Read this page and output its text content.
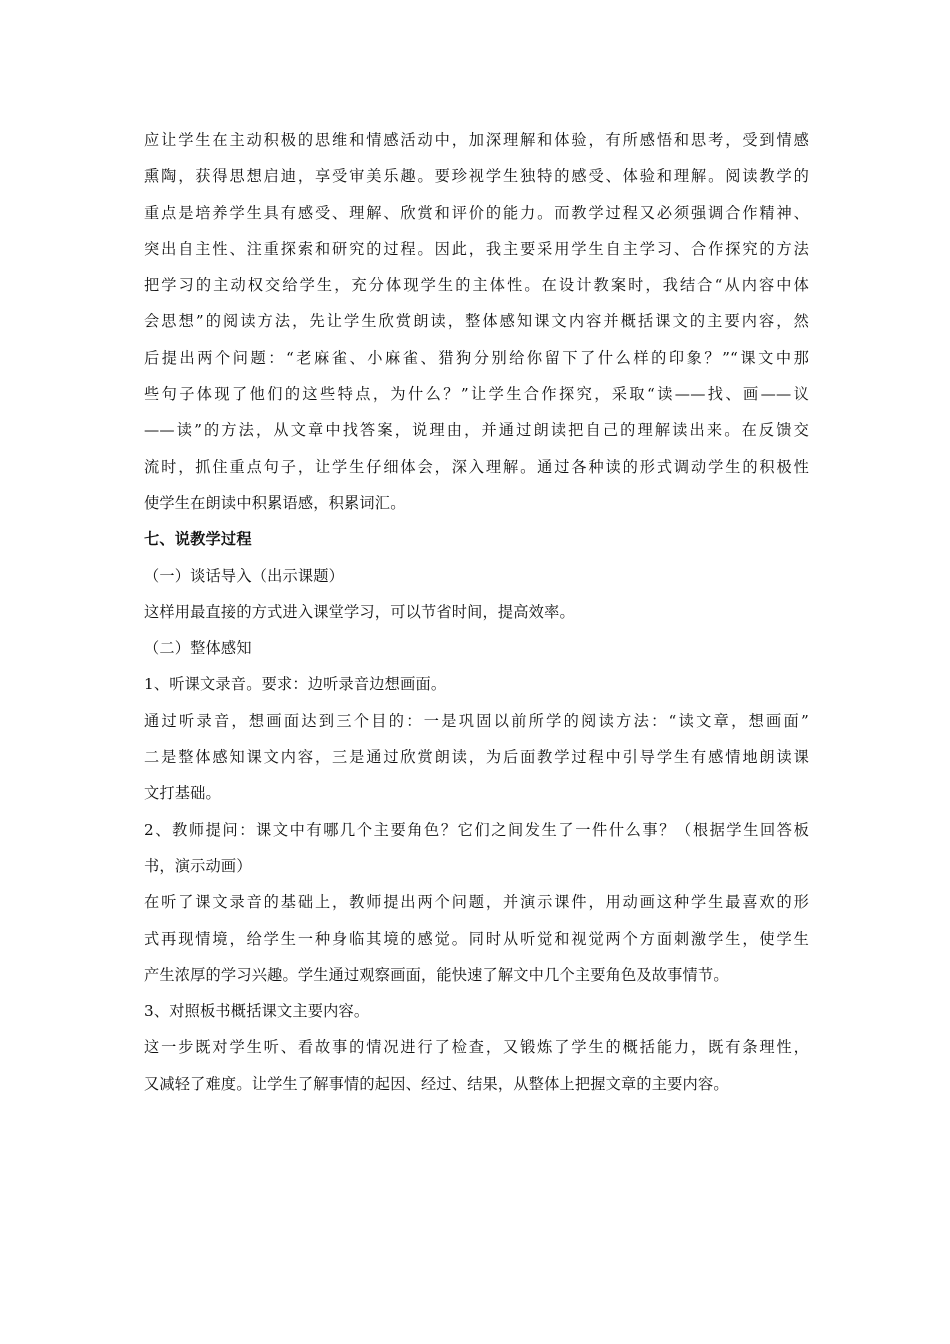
应让学生在主动积极的思维和情感活动中，加深理解和体验，有所感悟和思考，受到情感
熏陶，获得思想启迪，享受审美乐趣。要珍视学生独特的感受、体验和理解。阅读教学的
重点是培养学生具有感受、理解、欣赏和评价的能力。而教学过程又必须强调合作精神、
突出自主性、注重探索和研究的过程。因此，我主要采用学生自主学习、合作探究的方法
把学习的主动权交给学生，充分体现学生的主体性。在设计教案时，我结合“从内容中体
会思想”的阅读方法，先让学生欣赏朗读，整体感知课文内容并概括课文的主要内容，然
后提出两个问题：“老麻雀、小麻雀、猎狗分别给你留下了什么样的印象？”“课文中那
些句子体现了他们的这些特点，为什么？”让学生合作探究，采取“读——找、画——议
——读”的方法，从文章中找答案，说理由，并通过朗读把自己的理解读出来。在反馈交
流时，抓住重点句子，让学生仔细体会，深入理解。通过各种读的形式调动学生的积极性
使学生在朗读中积累语感，积累词汇。
七、说教学过程
（一）谈话导入（出示课题）
这样用最直接的方式进入课堂学习，可以节省时间，提高效率。
（二）整体感知
1、听课文录音。要求：边听录音边想画面。
通过听录音，想画面达到三个目的：一是巩固以前所学的阅读方法：“读文章，想画面”
二是整体感知课文内容，三是通过欣赏朗读，为后面教学过程中引导学生有感情地朗读课
文打基础。
2、教师提问：课文中有哪几个主要角色？它们之间发生了一件什么事？（根据学生回答板
书，演示动画）
在听了课文录音的基础上，教师提出两个问题，并演示课件，用动画这种学生最喜欢的形
式再现情境，给学生一种身临其境的感觉。同时从听觉和视觉两个方面刺激学生，使学生
产生浓厚的学习兴趣。学生通过观察画面，能快速了解文中几个主要角色及故事情节。
3、对照板书概括课文主要内容。
这一步既对学生听、看故事的情况进行了检查，又锻炼了学生的概括能力，既有条理性，
又减轻了难度。让学生了解事情的起因、经过、结果，从整体上把握文章的主要内容。
